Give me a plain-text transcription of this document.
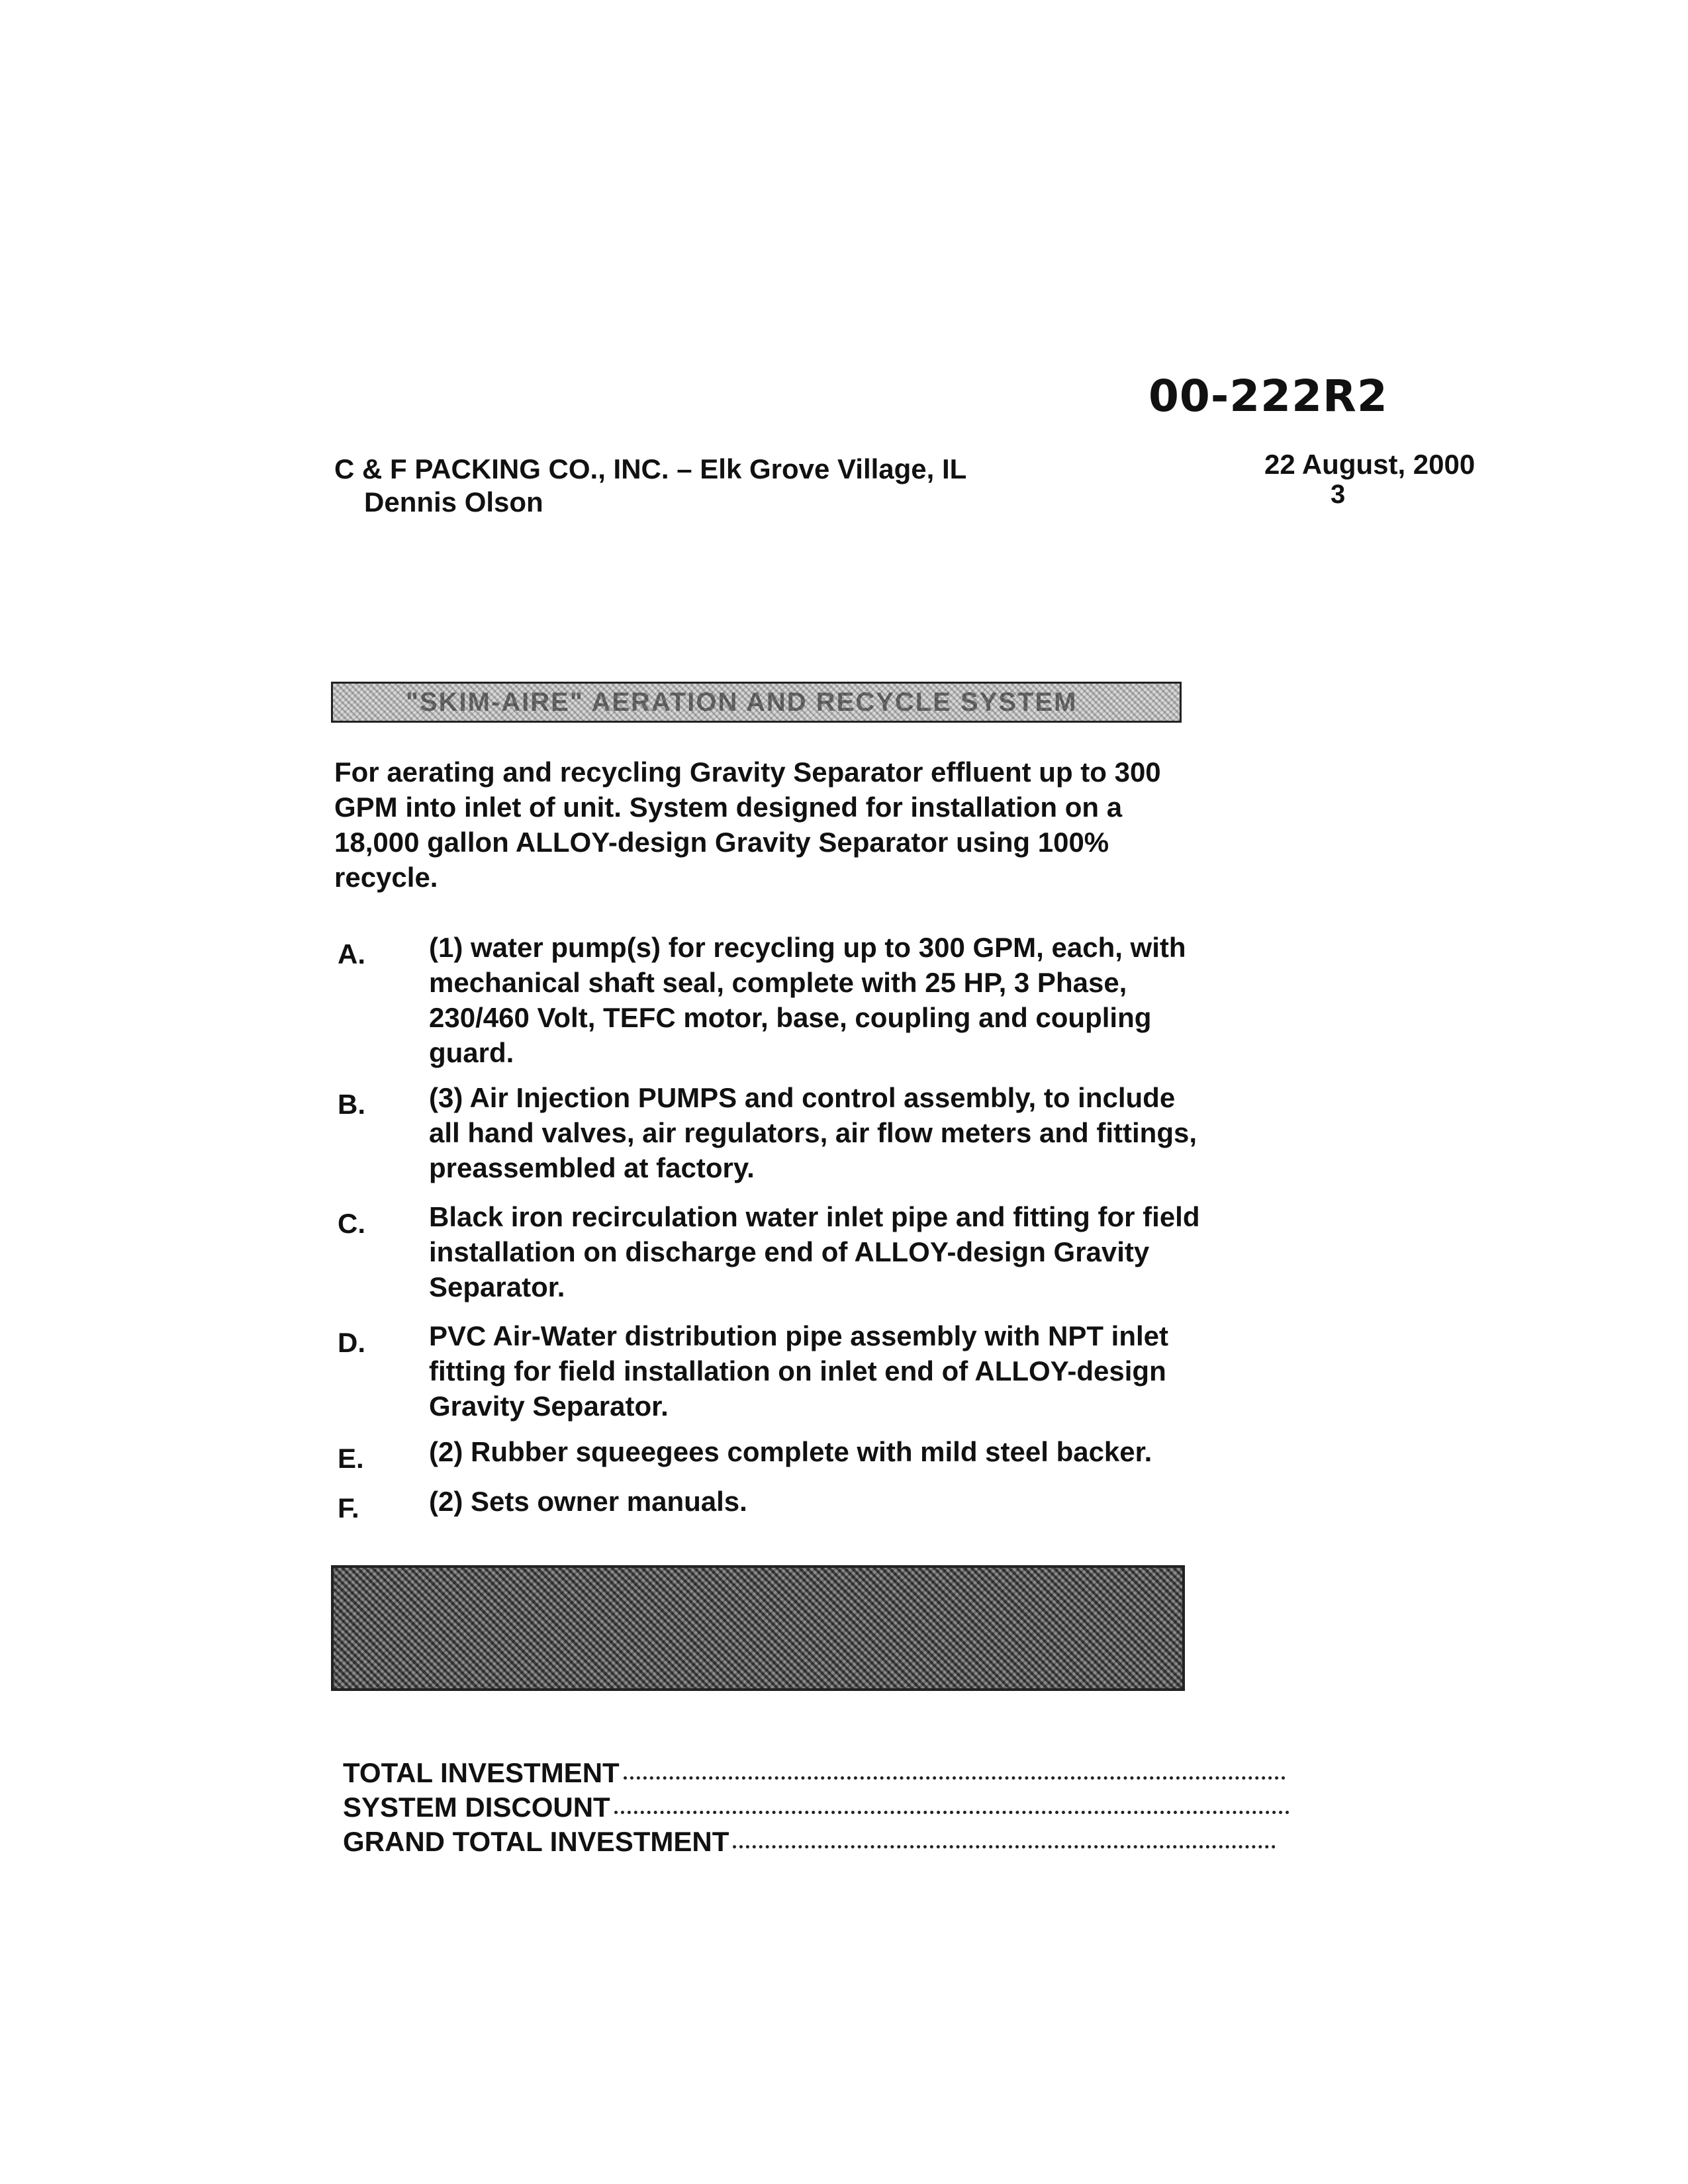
00-222R2
C & F PACKING CO., INC. – Elk Grove Village, IL
Dennis Olson
22 August, 2000
3
"SKIM-AIRE" AERATION AND RECYCLE SYSTEM
For aerating and recycling Gravity Separator effluent up to 300 GPM into inlet of unit. System designed for installation on a 18,000 gallon ALLOY-design Gravity Separator using 100% recycle.
A. (1) water pump(s) for recycling up to 300 GPM, each, with mechanical shaft seal, complete with 25 HP, 3 Phase, 230/460 Volt, TEFC motor, base, coupling and coupling guard.
B. (3) Air Injection PUMPS and control assembly, to include all hand valves, air regulators, air flow meters and fittings, preassembled at factory.
C. Black iron recirculation water inlet pipe and fitting for field installation on discharge end of ALLOY-design Gravity Separator.
D. PVC Air-Water distribution pipe assembly with NPT inlet fitting for field installation on inlet end of ALLOY-design Gravity Separator.
E. (2) Rubber squeegees complete with mild steel backer.
F.	(2) Sets owner manuals.
TOTAL INVESTMENT
SYSTEM DISCOUNT
GRAND TOTAL INVESTMENT
